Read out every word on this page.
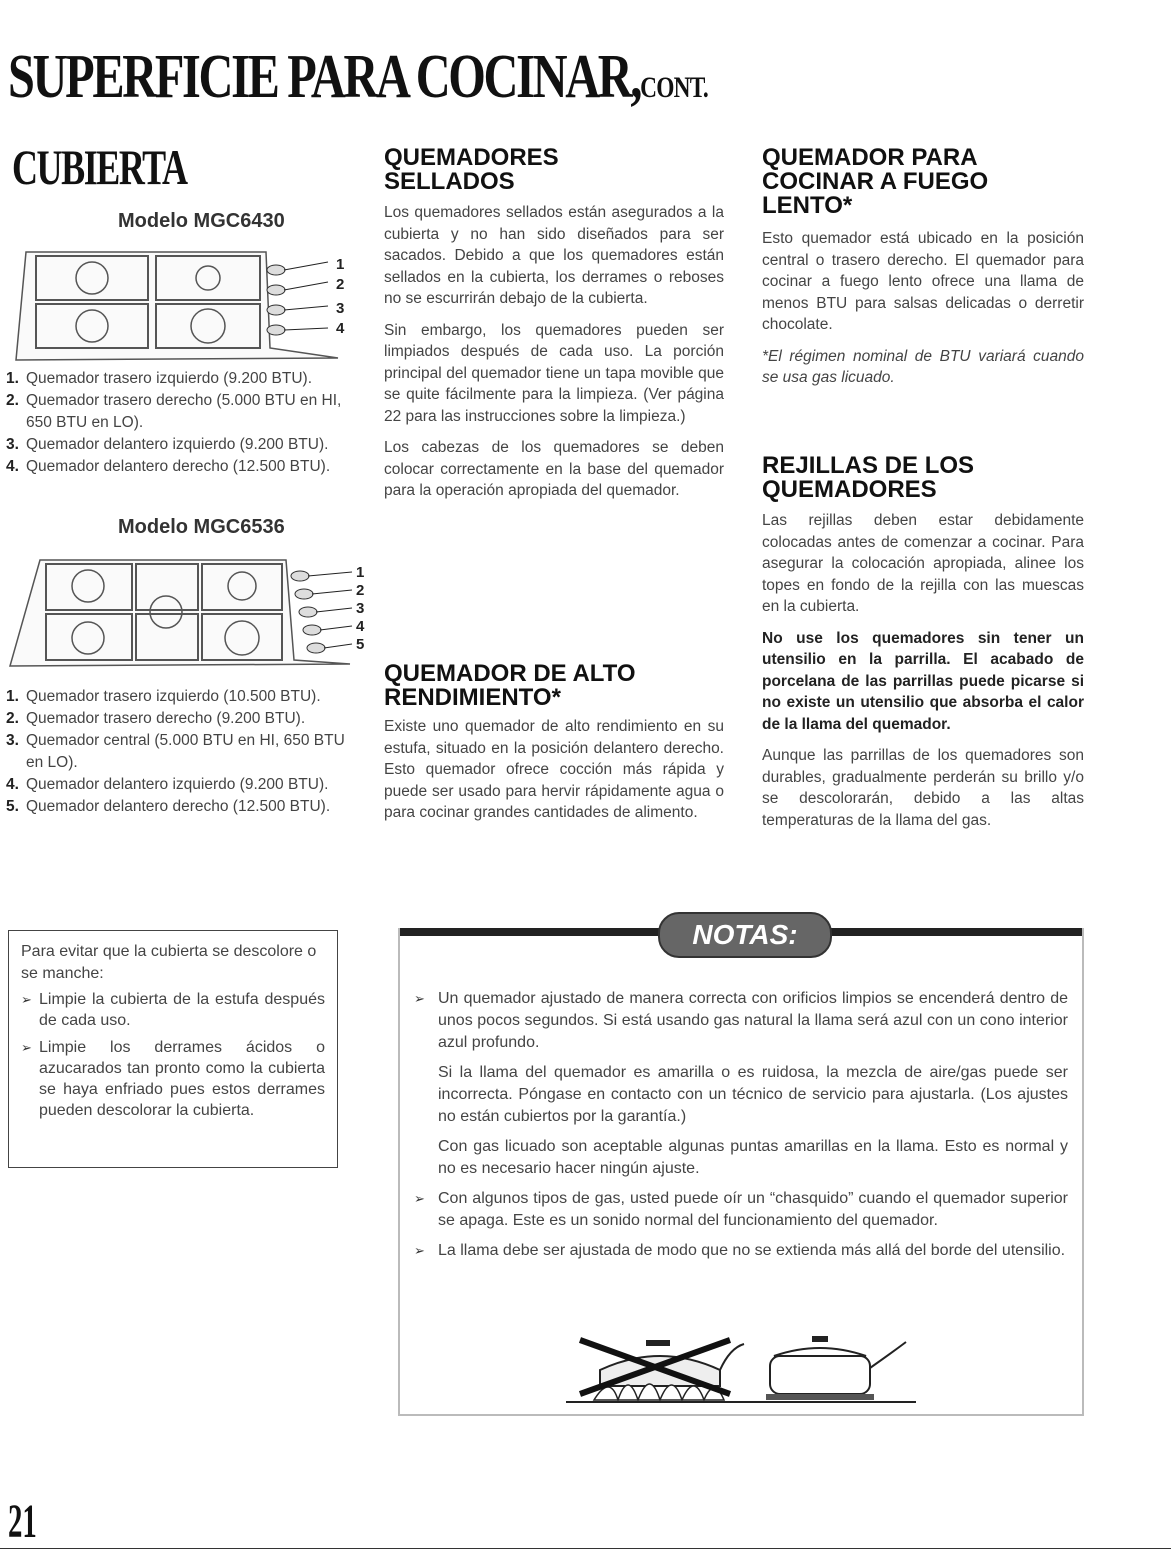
SUPERFICIE PARA COCINAR,CONT.
CUBIERTA
Modelo MGC6430
1
2
3
4
1. Quemador trasero izquierdo (9.200 BTU).
2. Quemador trasero derecho (5.000 BTU en HI, 650 BTU en LO).
3. Quemador delantero izquierdo (9.200 BTU).
4. Quemador delantero derecho (12.500 BTU).
Modelo MGC6536
1
2
3
4
5
1. Quemador trasero izquierdo (10.500 BTU).
2. Quemador trasero derecho (9.200 BTU).
3. Quemador central (5.000 BTU en HI, 650 BTU en LO).
4. Quemador delantero izquierdo (9.200 BTU).
5. Quemador delantero derecho (12.500 BTU).

Para evitar que la cubierta se descolore o se manche:

➢ Limpie la cubierta de la estufa después de cada uso.
➢ Limpie los derrames ácidos o azucarados tan pronto como la cubierta se haya enfriado pues estos derrames pueden descolorar la cubierta.
QUEMADORES
SELLADOS

Los quemadores sellados están asegurados a la cubierta y no han sido diseñados para ser sacados. Debido a que los quemadores están sellados en la cubierta, los derrames o reboses no se escurrirán debajo de la cubierta.

Sin embargo, los quemadores pueden ser limpiados después de cada uso. La porción principal del quemador tiene un tapa movible que se quite fácilmente para la limpieza. (Ver página 22 para las instrucciones sobre la limpieza.)

Los cabezas de los quemadores se deben colocar correctamente en la base del quemador para la operación apropiada del quemador.

QUEMADOR DE ALTO
RENDIMIENTO*

Existe uno quemador de alto rendimiento en su estufa, situado en la posición delantero derecho. Esto quemador ofrece cocción más rápida y puede ser usado para hervir rápidamente agua o para cocinar grandes cantidades de alimento.

QUEMADOR PARA
COCINAR A FUEGO
LENTO*

Esto quemador está ubicado en la posición central o trasero derecho. El quemador para cocinar a fuego lento ofrece una llama de menos BTU para salsas delicadas o derretir chocolate.

*El régimen nominal de BTU variará cuando se usa gas licuado.

REJILLAS DE LOS
QUEMADORES

Las rejillas deben estar debidamente colocadas antes de comenzar a cocinar. Para asegurar la colocación apropiada, alinee los topes en fondo de la rejilla con las muescas en la cubierta.

No use los quemadores sin tener un utensilio en la parrilla. El acabado de porcelana de las parrillas puede picarse si no existe un utensilio que absorba el calor de la llama del quemador.

Aunque las parrillas de los quemadores son durables, gradualmente perderán su brillo y/o se descolorarán, debido a las altas temperaturas de la llama del gas.

NOTAS:
➢ Un quemador ajustado de manera correcta con orificios limpios se encenderá dentro de unos pocos segundos. Si está usando gas natural la llama será azul con un cono interior azul profundo.

Si la llama del quemador es amarilla o es ruidosa, la mezcla de aire/gas puede ser incorrecta. Póngase en contacto con un técnico de servicio para ajustarla. (Los ajustes no están cubiertos por la garantía.)

Con gas licuado son aceptable algunas puntas amarillas en la llama. Esto es normal y no es necesario hacer ningún ajuste.

➢ Con algunos tipos de gas, usted puede oír un “chasquido” cuando el quemador superior se apaga. Este es un sonido normal del funcionamiento del quemador.

➢ La llama debe ser ajustada de modo que no se extienda más allá del borde del utensilio.

21
